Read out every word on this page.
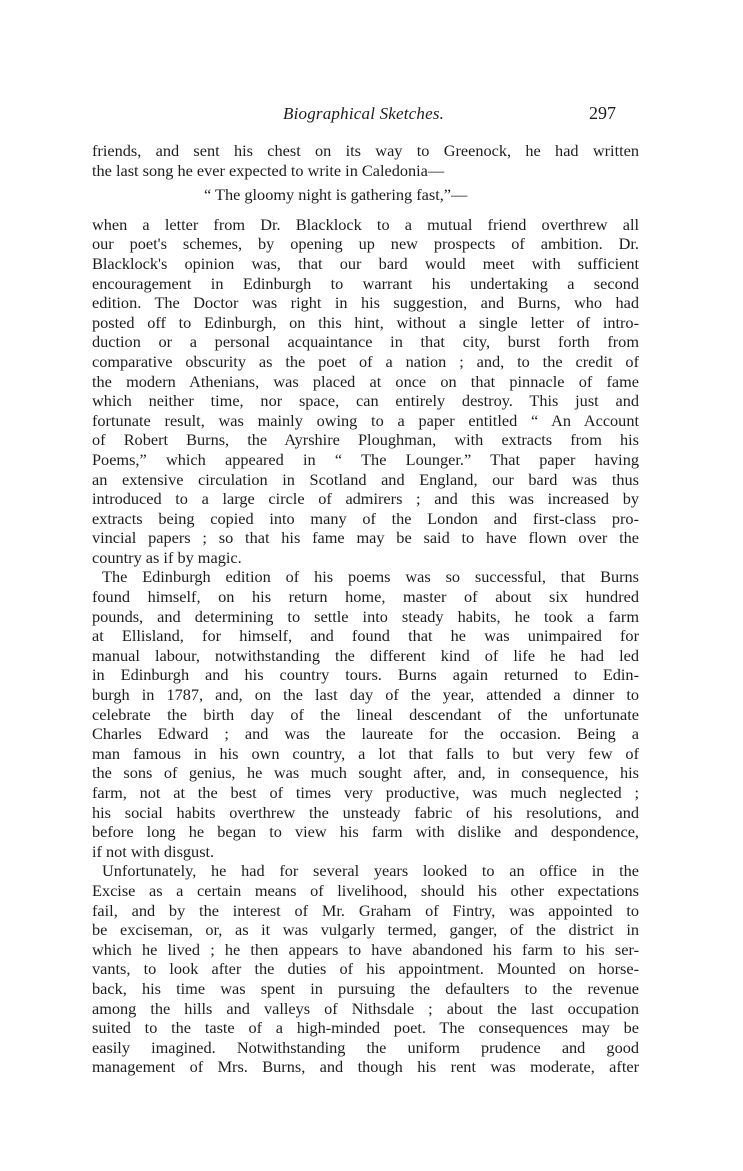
Biographical Sketches.	297
friends, and sent his chest on its way to Greenock, he had written
the last song he ever expected to write in Caledonia—
“ The gloomy night is gathering fast,”—
when a letter from Dr. Blacklock to a mutual friend overthrew all
our poet's schemes, by opening up new prospects of ambition. Dr.
Blacklock's opinion was, that our bard would meet with sufficient
encouragement in Edinburgh to warrant his undertaking a second
edition. The Doctor was right in his suggestion, and Burns, who had
posted off to Edinburgh, on this hint, without a single letter of intro-
duction or a personal acquaintance in that city, burst forth from
comparative obscurity as the poet of a nation ; and, to the credit of
the modern Athenians, was placed at once on that pinnacle of fame
which neither time, nor space, can entirely destroy. This just and
fortunate result, was mainly owing to a paper entitled “ An Account
of Robert Burns, the Ayrshire Ploughman, with extracts from his
Poems,” which appeared in “ The Lounger.” That paper having
an extensive circulation in Scotland and England, our bard was thus
introduced to a large circle of admirers ; and this was increased by
extracts being copied into many of the London and first-class pro-
vincial papers ; so that his fame may be said to have flown over the
country as if by magic.
The Edinburgh edition of his poems was so successful, that Burns
found himself, on his return home, master of about six hundred
pounds, and determining to settle into steady habits, he took a farm
at Ellisland, for himself, and found that he was unimpaired for
manual labour, notwithstanding the different kind of life he had led
in Edinburgh and his country tours. Burns again returned to Edin-
burgh in 1787, and, on the last day of the year, attended a dinner to
celebrate the birth day of the lineal descendant of the unfortunate
Charles Edward ; and was the laureate for the occasion. Being a
man famous in his own country, a lot that falls to but very few of
the sons of genius, he was much sought after, and, in consequence, his
farm, not at the best of times very productive, was much neglected ;
his social habits overthrew the unsteady fabric of his resolutions, and
before long he began to view his farm with dislike and despondence,
if not with disgust.
Unfortunately, he had for several years looked to an office in the
Excise as a certain means of livelihood, should his other expectations
fail, and by the interest of Mr. Graham of Fintry, was appointed to
be exciseman, or, as it was vulgarly termed, ganger, of the district in
which he lived ; he then appears to have abandoned his farm to his ser-
vants, to look after the duties of his appointment. Mounted on horse-
back, his time was spent in pursuing the defaulters to the revenue
among the hills and valleys of Nithsdale ; about the last occupation
suited to the taste of a high-minded poet. The consequences may be
easily imagined. Notwithstanding the uniform prudence and good
management of Mrs. Burns, and though his rent was moderate, after
